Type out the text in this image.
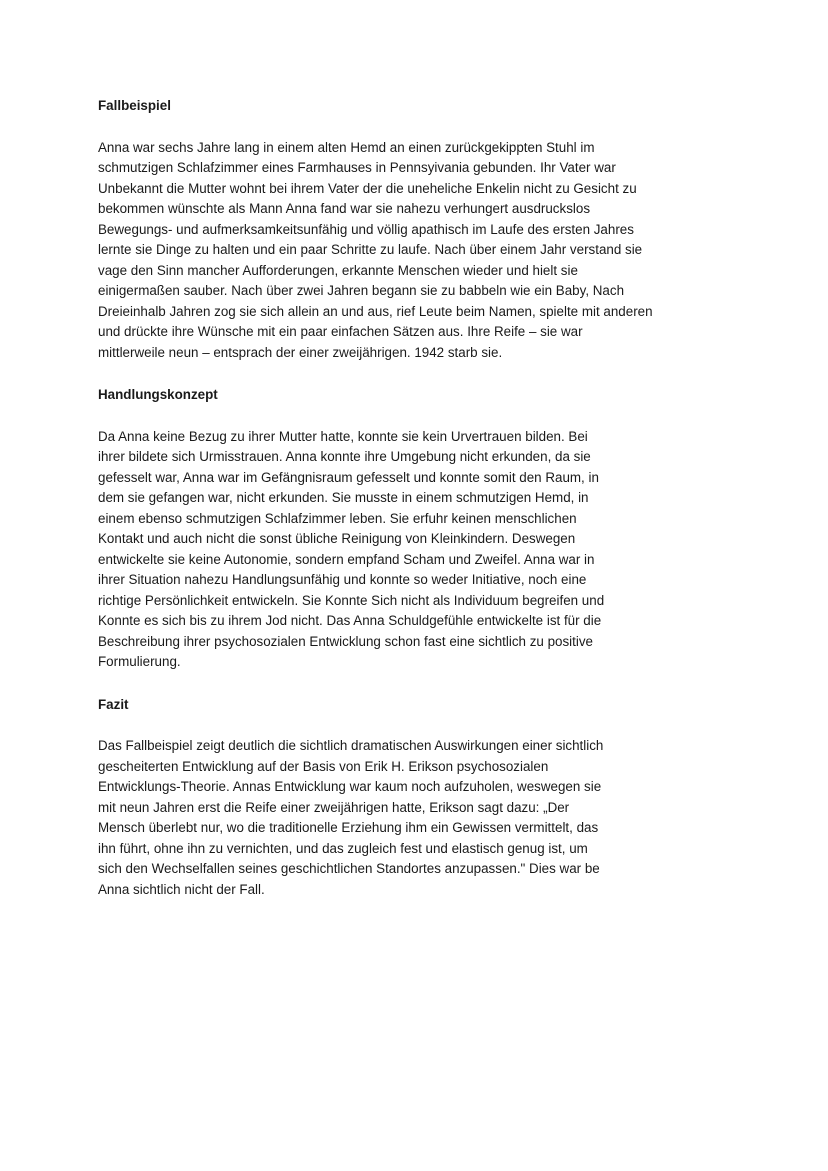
Fallbeispiel

Anna war sechs Jahre lang in einem alten Hemd an einen zurückgekippten Stuhl im
schmutzigen Schlafzimmer eines Farmhauses in Pennsyivania gebunden. Ihr Vater war
Unbekannt die Mutter wohnt bei ihrem Vater der die uneheliche Enkelin nicht zu Gesicht zu
bekommen wünschte als Mann Anna fand war sie nahezu verhungert ausdruckslos
Bewegungs- und aufmerksamkeitsunfähig und völlig apathisch im Laufe des ersten Jahres
lernte sie Dinge zu halten und ein paar Schritte zu laufe. Nach über einem Jahr verstand sie
vage den Sinn mancher Aufforderungen, erkannte Menschen wieder und hielt sie
einigermaßen sauber. Nach über zwei Jahren begann sie zu babbeln wie ein Baby, Nach
Dreieinhalb Jahren zog sie sich allein an und aus, rief Leute beim Namen, spielte mit anderen
und drückte ihre Wünsche mit ein paar einfachen Sätzen aus. Ihre Reife – sie war
mittlerweile neun – entsprach der einer zweijährigen. 1942 starb sie.

Handlungskonzept

Da Anna keine Bezug zu ihrer Mutter hatte, konnte sie kein Urvertrauen bilden. Bei
ihrer bildete sich Urmisstrauen. Anna konnte ihre Umgebung nicht erkunden, da sie
gefesselt war, Anna war im Gefängnisraum gefesselt und konnte somit den Raum, in
dem sie gefangen war, nicht erkunden. Sie musste in einem schmutzigen Hemd, in
einem ebenso schmutzigen Schlafzimmer leben. Sie erfuhr keinen menschlichen
Kontakt und auch nicht die sonst übliche Reinigung von Kleinkindern. Deswegen
entwickelte sie keine Autonomie, sondern empfand Scham und Zweifel. Anna war in
ihrer Situation nahezu Handlungsunfähig und konnte so weder Initiative, noch eine
richtige Persönlichkeit entwickeln. Sie Konnte Sich nicht als Individuum begreifen und
Konnte es sich bis zu ihrem Jod nicht. Das Anna Schuldgefühle entwickelte ist für die
Beschreibung ihrer psychosozialen Entwicklung schon fast eine sichtlich zu positive
Formulierung.

Fazit

Das Fallbeispiel zeigt deutlich die sichtlich dramatischen Auswirkungen einer sichtlich
gescheiterten Entwicklung auf der Basis von Erik H. Erikson psychosozialen
Entwicklungs-Theorie. Annas Entwicklung war kaum noch aufzuholen, weswegen sie
mit neun Jahren erst die Reife einer zweijährigen hatte, Erikson sagt dazu: „Der
Mensch überlebt nur, wo die traditionelle Erziehung ihm ein Gewissen vermittelt, das
ihn führt, ohne ihn zu vernichten, und das zugleich fest und elastisch genug ist, um
sich den Wechselfallen seines geschichtlichen Standortes anzupassen." Dies war be
Anna sichtlich nicht der Fall.
